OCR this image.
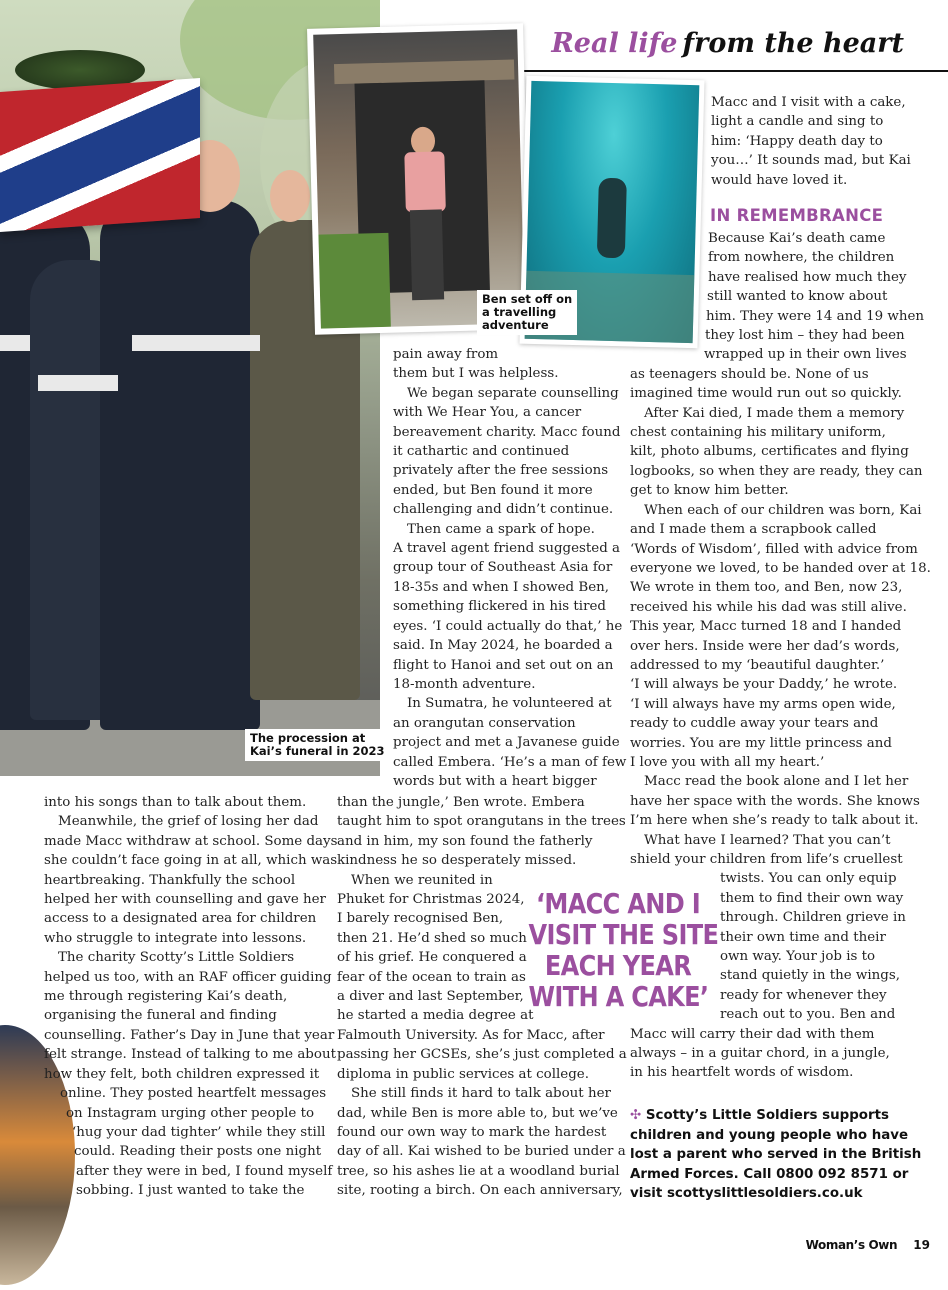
Real life from the heart
The procession at
Kai’s funeral in 2023
Ben set off on
a travelling
adventure
into his songs than to talk about them.
Meanwhile, the grief of losing her dad
made Macc withdraw at school. Some days
she couldn’t face going in at all, which was
heartbreaking. Thankfully the school
helped her with counselling and gave her
access to a designated area for children
who struggle to integrate into lessons.
The charity Scotty’s Little Soldiers
helped us too, with an RAF officer guiding
me through registering Kai’s death,
organising the funeral and finding
counselling. Father’s Day in June that year
felt strange. Instead of talking to me about
how they felt, both children expressed it
online. They posted heartfelt messages
on Instagram urging other people to
‘hug your dad tighter’ while they still
could. Reading their posts one night
after they were in bed, I found myself
sobbing. I just wanted to take the
pain away from
them but I was helpless.
We began separate counselling
with We Hear You, a cancer
bereavement charity. Macc found
it cathartic and continued
privately after the free sessions
ended, but Ben found it more
challenging and didn’t continue.
Then came a spark of hope.
A travel agent friend suggested a
group tour of Southeast Asia for
18-35s and when I showed Ben,
something flickered in his tired
eyes. ‘I could actually do that,’ he
said. In May 2024, he boarded a
flight to Hanoi and set out on an
18-month adventure.
In Sumatra, he volunteered at
an orangutan conservation
project and met a Javanese guide
called Embera. ‘He’s a man of few
words but with a heart bigger
than the jungle,’ Ben wrote. Embera
taught him to spot orangutans in the trees
and in him, my son found the fatherly
kindness he so desperately missed.
When we reunited in
Phuket for Christmas 2024,
I barely recognised Ben,
then 21. He’d shed so much
of his grief. He conquered a
fear of the ocean to train as
a diver and last September,
he started a media degree at
Falmouth University. As for Macc, after
passing her GCSEs, she’s just completed a
diploma in public services at college.
She still finds it hard to talk about her
dad, while Ben is more able to, but we’ve
found our own way to mark the hardest
day of all. Kai wished to be buried under a
tree, so his ashes lie at a woodland burial
site, rooting a birch. On each anniversary,
‘MACC AND I
VISIT THE SITE
EACH YEAR
WITH A CAKE’
Macc and I visit with a cake,
light a candle and sing to
him: ‘Happy death day to
you…’ It sounds mad, but Kai
would have loved it.
IN REMEMBRANCE
Because Kai’s death came
from nowhere, the children
have realised how much they
still wanted to know about
him. They were 14 and 19 when
they lost him – they had been
wrapped up in their own lives
as teenagers should be. None of us
imagined time would run out so quickly.
After Kai died, I made them a memory
chest containing his military uniform,
kilt, photo albums, certificates and flying
logbooks, so when they are ready, they can
get to know him better.
When each of our children was born, Kai
and I made them a scrapbook called
‘Words of Wisdom’, filled with advice from
everyone we loved, to be handed over at 18.
We wrote in them too, and Ben, now 23,
received his while his dad was still alive.
This year, Macc turned 18 and I handed
over hers. Inside were her dad’s words,
addressed to my ‘beautiful daughter.’
‘I will always be your Daddy,’ he wrote.
‘I will always have my arms open wide,
ready to cuddle away your tears and
worries. You are my little princess and
I love you with all my heart.’
Macc read the book alone and I let her
have her space with the words. She knows
I’m here when she’s ready to talk about it.
What have I learned? That you can’t
shield your children from life’s cruellest
twists. You can only equip
them to find their own way
through. Children grieve in
their own time and their
own way. Your job is to
stand quietly in the wings,
ready for whenever they
reach out to you. Ben and
Macc will carry their dad with them
always – in a guitar chord, in a jungle,
in his heartfelt words of wisdom.
✣ Scotty’s Little Soldiers supports
children and young people who have
lost a parent who served in the British
Armed Forces. Call 0800 092 8571 or
visit scottyslittlesoldiers.co.uk
Woman’s Own 19
